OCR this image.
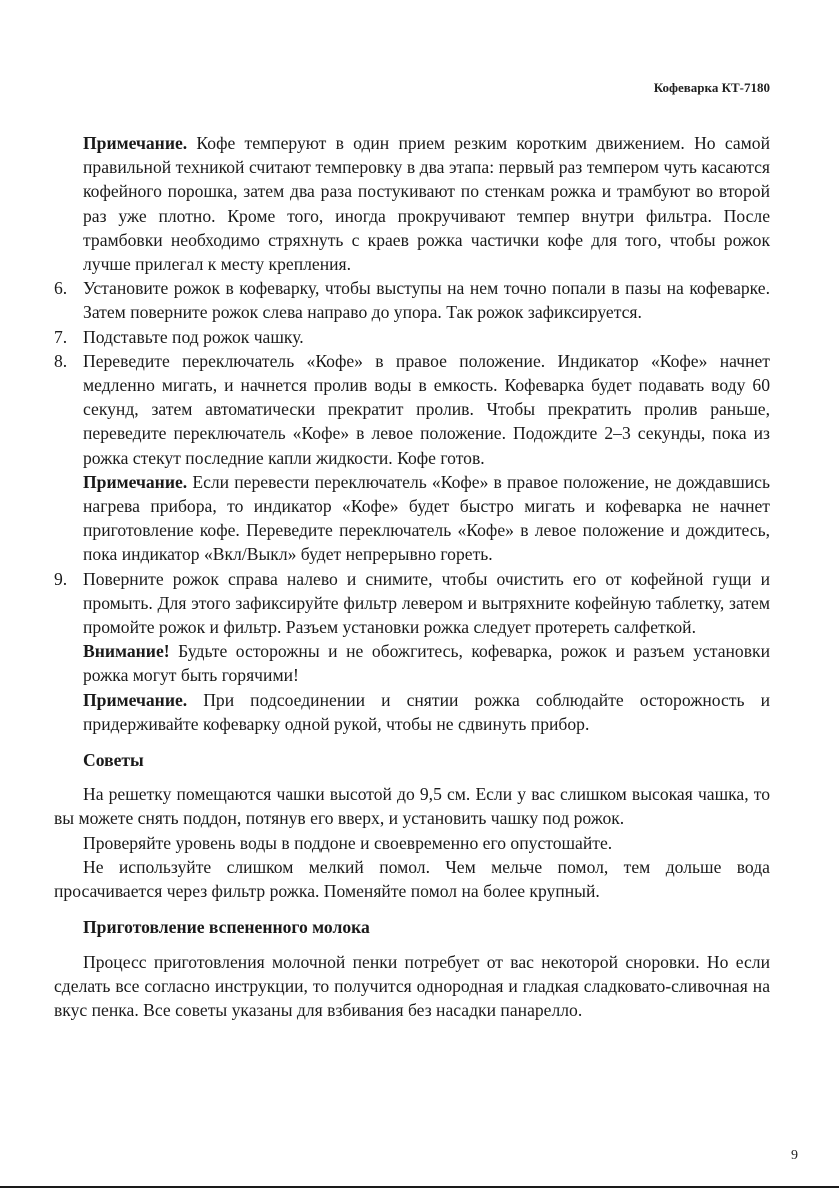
Кофеварка КТ-7180
Примечание. Кофе темперуют в один прием резким коротким движением. Но самой правильной техникой считают темперовку в два этапа: первый раз темпером чуть касаются кофейного порошка, затем два раза постукивают по стенкам рожка и трамбуют во второй раз уже плотно. Кроме того, иногда прокручивают темпер внутри фильтра. После трамбовки необходимо стряхнуть с краев рожка частички кофе для того, чтобы рожок лучше прилегал к месту крепления.
6. Установите рожок в кофеварку, чтобы выступы на нем точно попали в пазы на кофеварке. Затем поверните рожок слева направо до упора. Так рожок зафиксируется.
7. Подставьте под рожок чашку.
8. Переведите переключатель «Кофе» в правое положение. Индикатор «Кофе» начнет медленно мигать, и начнется пролив воды в емкость. Кофеварка будет подавать воду 60 секунд, затем автоматически прекратит пролив. Чтобы прекратить пролив раньше, переведите переключатель «Кофе» в левое положение. Подождите 2–3 секунды, пока из рожка стекут последние капли жидкости. Кофе готов.
Примечание. Если перевести переключатель «Кофе» в правое положение, не дождавшись нагрева прибора, то индикатор «Кофе» будет быстро мигать и кофеварка не начнет приготовление кофе. Переведите переключатель «Кофе» в левое положение и дождитесь, пока индикатор «Вкл/Выкл» будет непрерывно гореть.
9. Поверните рожок справа налево и снимите, чтобы очистить его от кофейной гущи и промыть. Для этого зафиксируйте фильтр левером и вытряхните кофейную таблетку, затем промойте рожок и фильтр. Разъем установки рожка следует протереть салфеткой.
Внимание! Будьте осторожны и не обожгитесь, кофеварка, рожок и разъем установки рожка могут быть горячими!
Примечание. При подсоединении и снятии рожка соблюдайте осторожность и придерживайте кофеварку одной рукой, чтобы не сдвинуть прибор.
Советы
На решетку помещаются чашки высотой до 9,5 см. Если у вас слишком высокая чашка, то вы можете снять поддон, потянув его вверх, и установить чашку под рожок.
Проверяйте уровень воды в поддоне и своевременно его опустошайте.
Не используйте слишком мелкий помол. Чем мельче помол, тем дольше вода просачивается через фильтр рожка. Поменяйте помол на более крупный.
Приготовление вспененного молока
Процесс приготовления молочной пенки потребует от вас некоторой сноровки. Но если сделать все согласно инструкции, то получится однородная и гладкая сладковато-сливочная на вкус пенка. Все советы указаны для взбивания без насадки панарелло.
9
